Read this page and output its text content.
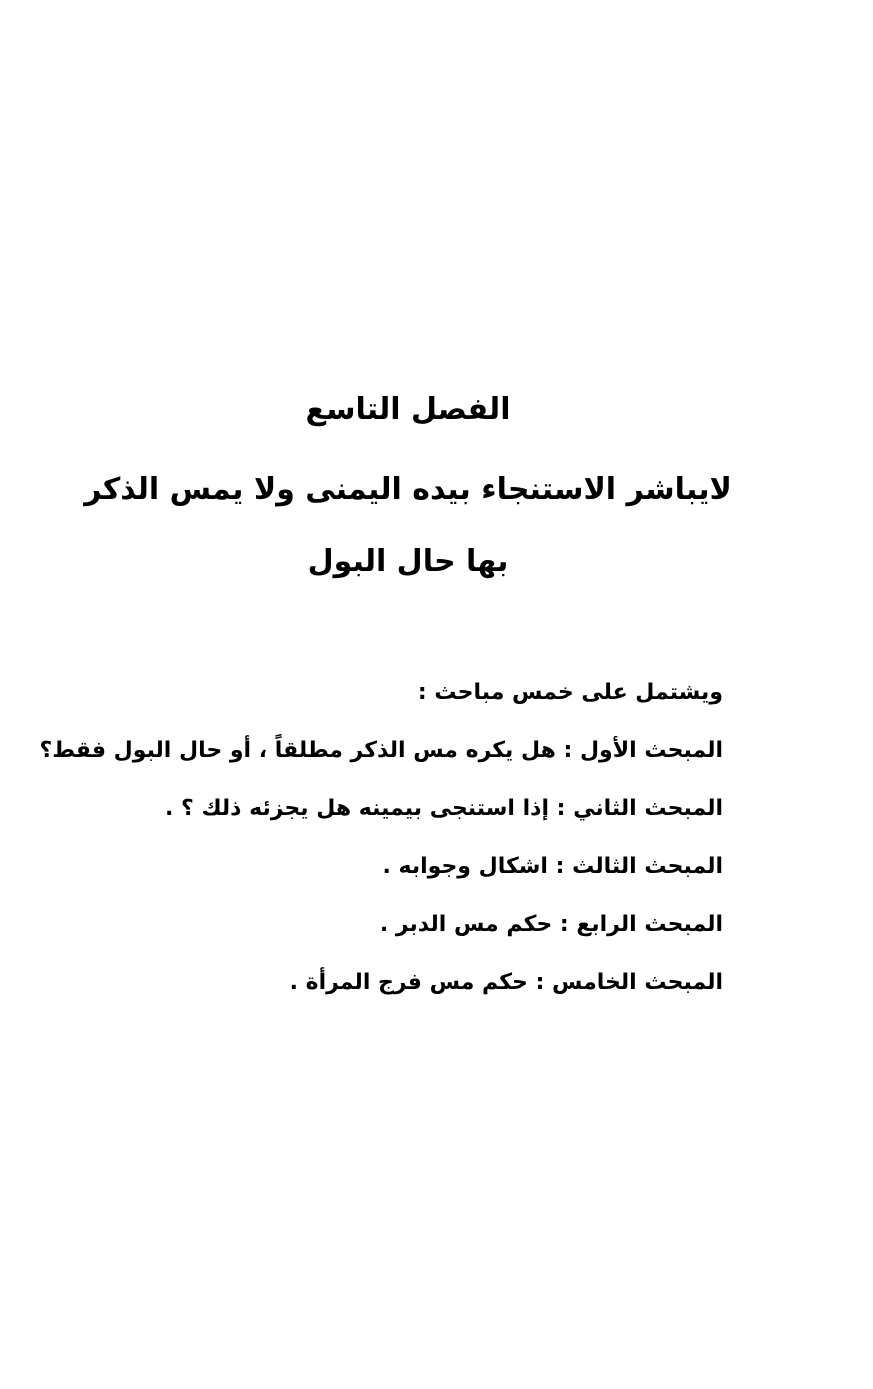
الفصل التاسع
لايباشر الاستنجاء بيده اليمنى ولا يمس الذكر
بها حال البول
ويشتمل على خمس مباحث :
المبحث الأول : هل يكره مس الذكر مطلقاً ، أو حال البول فقط؟
المبحث الثاني : إذا استنجى بيمينه هل يجزئه ذلك ؟ .
المبحث الثالث : اشكال وجوابه .
المبحث الرابع : حكم مس الدبر .
المبحث الخامس : حكم مس فرج المرأة .
